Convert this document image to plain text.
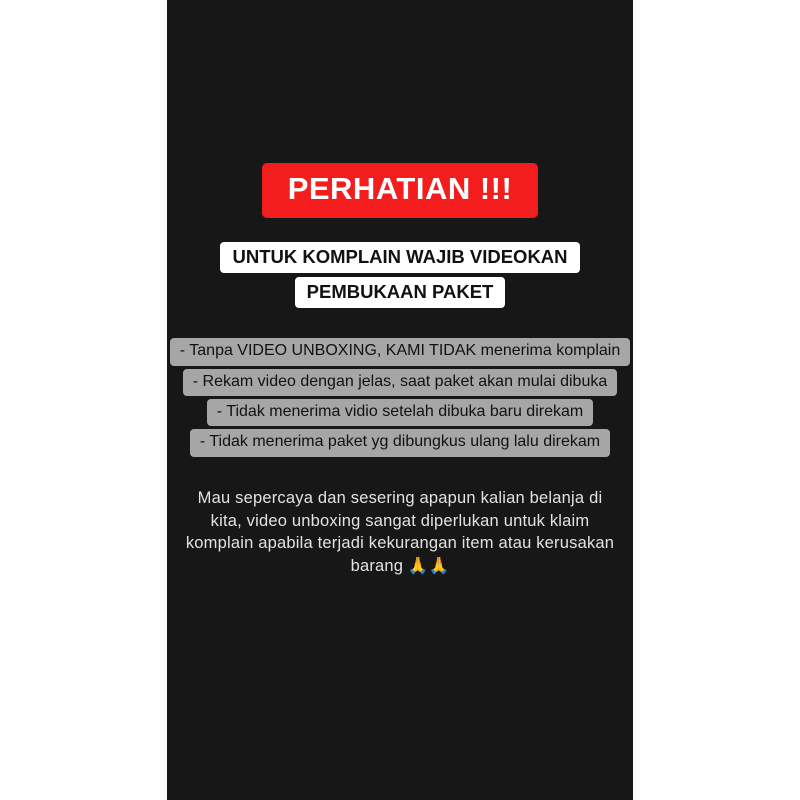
PERHATIAN !!!
UNTUK KOMPLAIN WAJIB VIDEOKAN
PEMBUKAAN PAKET
- Tanpa VIDEO UNBOXING, KAMI TIDAK menerima komplain
- Rekam video dengan jelas, saat paket akan mulai dibuka
- Tidak menerima vidio setelah dibuka baru direkam
- Tidak menerima paket yg dibungkus ulang lalu direkam
Mau sepercaya dan sesering apapun kalian belanja di kita, video unboxing sangat diperlukan untuk klaim komplain apabila terjadi kekurangan item atau kerusakan barang 🙏🙏
